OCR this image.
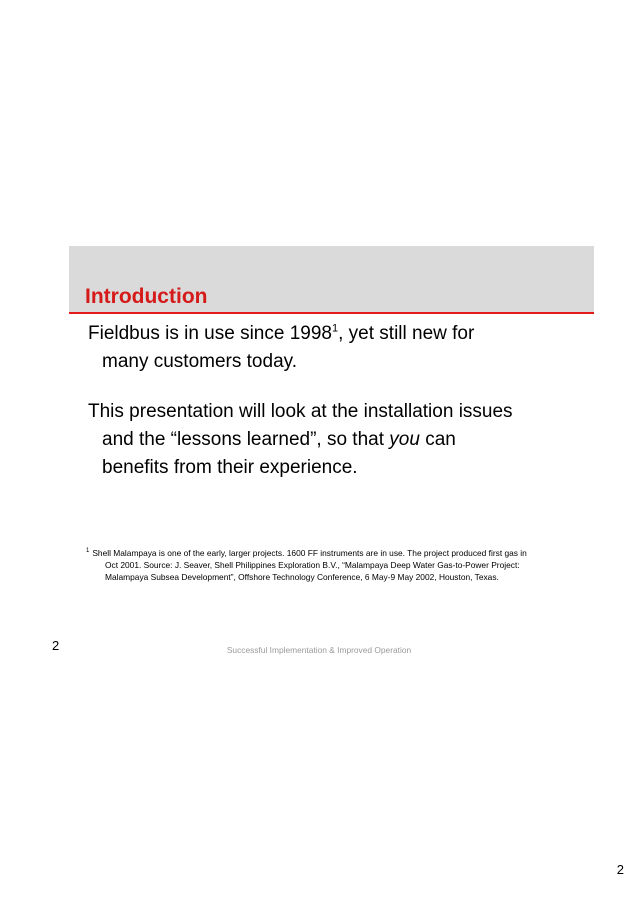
Introduction

Fieldbus is in use since 1998$^1$, yet still new for
many customers today.

This presentation will look at the installation issues
and the “lessons learned”, so that you can
benefits from their experience.

$^1$ Shell Malampaya is one of the early, larger projects. 1600 FF instruments are in use. The project produced first gas in
Oct 2001. Source: J. Seaver, Shell Philippines Exploration B.V., “Malampaya Deep Water Gas-to-Power Project:
Malampaya Subsea Development”, Offshore Technology Conference, 6 May-9 May 2002, Houston, Texas.
2	Successful Implementation & Improved Operation
2
